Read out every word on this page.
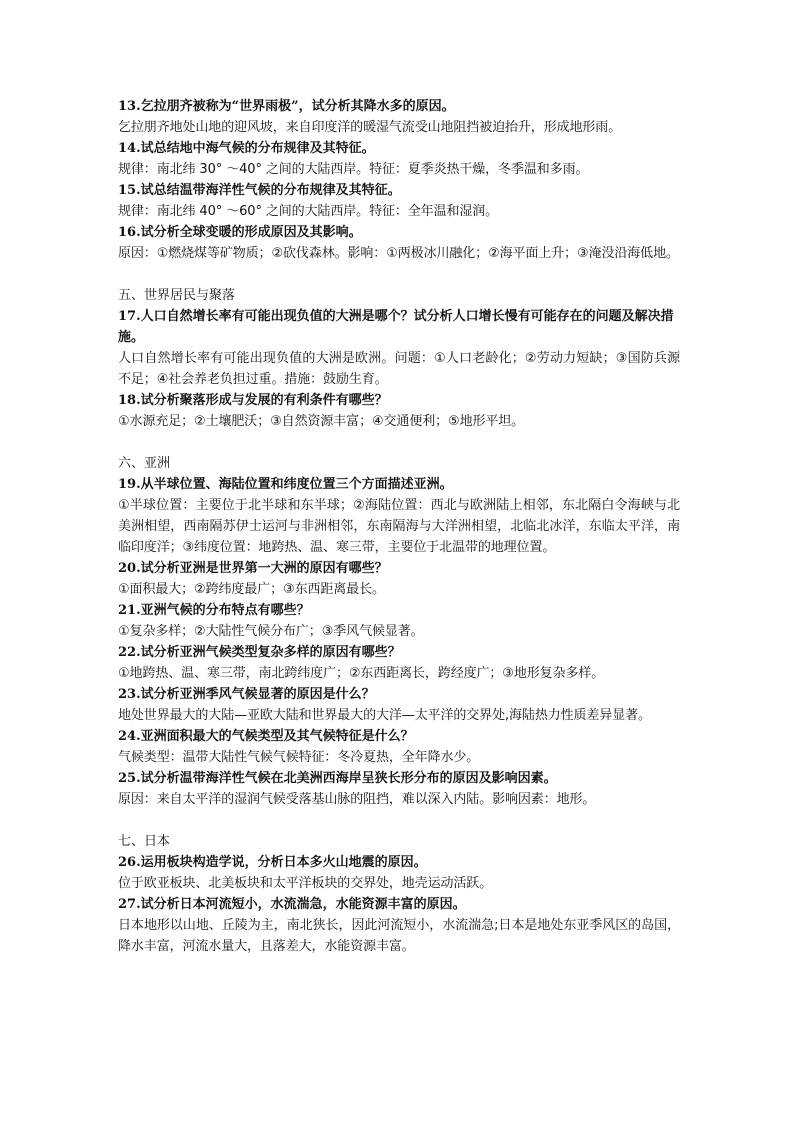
13.乞拉朋齐被称为“世界雨极”，试分析其降水多的原因。

乞拉朋齐地处山地的迎风坡，来自印度洋的暖湿气流受山地阻挡被迫抬升，形成地形雨。

14.试总结地中海气候的分布规律及其特征。

规律：南北纬 30° ～40° 之间的大陆西岸。特征：夏季炎热干燥，冬季温和多雨。

15.试总结温带海洋性气候的分布规律及其特征。

规律：南北纬 40° ～60° 之间的大陆西岸。特征：全年温和湿润。

16.试分析全球变暖的形成原因及其影响。

原因：①燃烧煤等矿物质；②砍伐森林。影响：①两极冰川融化；②海平面上升；③淹没沿海低地。

五、世界居民与聚落

17.人口自然增长率有可能出现负值的大洲是哪个？试分析人口增长慢有可能存在的问题及解决措施。

人口自然增长率有可能出现负值的大洲是欧洲。问题：①人口老龄化；②劳动力短缺；③国防兵源不足；④社会养老负担过重。措施：鼓励生育。

18.试分析聚落形成与发展的有利条件有哪些？

①水源充足；②土壤肥沃；③自然资源丰富；④交通便利；⑤地形平坦。

六、亚洲

19.从半球位置、海陆位置和纬度位置三个方面描述亚洲。

①半球位置：主要位于北半球和东半球；②海陆位置：西北与欧洲陆上相邻，东北隔白令海峡与北美洲相望，西南隔苏伊士运河与非洲相邻，东南隔海与大洋洲相望，北临北冰洋，东临太平洋，南临印度洋；③纬度位置：地跨热、温、寒三带，主要位于北温带的地理位置。

20.试分析亚洲是世界第一大洲的原因有哪些？

①面积最大；②跨纬度最广；③东西距离最长。

21.亚洲气候的分布特点有哪些？

①复杂多样；②大陆性气候分布广；③季风气候显著。

22.试分析亚洲气候类型复杂多样的原因有哪些？

①地跨热、温、寒三带，南北跨纬度广；②东西距离长，跨经度广；③地形复杂多样。

23.试分析亚洲季风气候显著的原因是什么？

地处世界最大的大陆—亚欧大陆和世界最大的大洋—太平洋的交界处,海陆热力性质差异显著。

24.亚洲面积最大的气候类型及其气候特征是什么？

气候类型：温带大陆性气候气候特征：冬冷夏热，全年降水少。

25.试分析温带海洋性气候在北美洲西海岸呈狭长形分布的原因及影响因素。

原因：来自太平洋的湿润气候受落基山脉的阻挡，难以深入内陆。影响因素：地形。

七、日本

26.运用板块构造学说，分析日本多火山地震的原因。

位于欧亚板块、北美板块和太平洋板块的交界处，地壳运动活跃。

27.试分析日本河流短小，水流湍急，水能资源丰富的原因。

日本地形以山地、丘陵为主，南北狭长，因此河流短小，水流湍急;日本是地处东亚季风区的岛国，降水丰富，河流水量大，且落差大，水能资源丰富。
